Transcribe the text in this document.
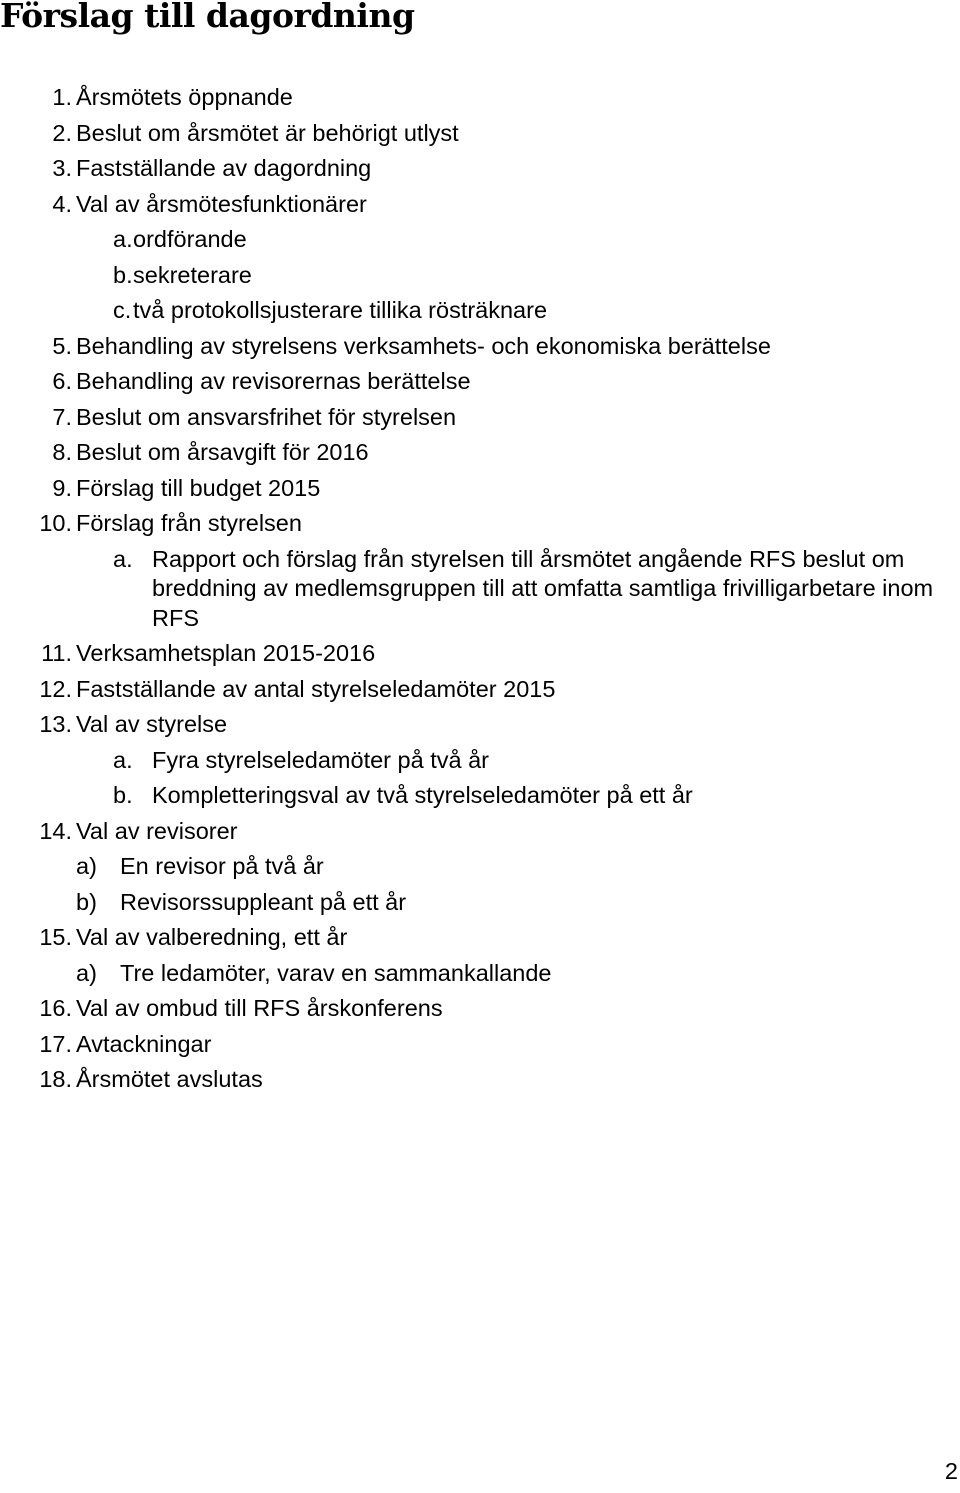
Förslag till dagordning
1. Årsmötets öppnande
2. Beslut om årsmötet är behörigt utlyst
3. Fastställande av dagordning
4. Val av årsmötesfunktionärer
a. ordförande
b. sekreterare
c. två protokollsjusterare tillika rösträknare
5. Behandling av styrelsens verksamhets- och ekonomiska berättelse
6. Behandling av revisorernas berättelse
7. Beslut om ansvarsfrihet för styrelsen
8. Beslut om årsavgift för 2016
9. Förslag till budget 2015
10. Förslag från styrelsen
a. Rapport och förslag från styrelsen till årsmötet angående RFS beslut om breddning av medlemsgruppen till att omfatta samtliga frivilligarbetare inom RFS
11. Verksamhetsplan 2015-2016
12. Fastställande av antal styrelseledamöter 2015
13. Val av styrelse
a. Fyra styrelseledamöter på två år
b. Kompletteringsval av två styrelseledamöter på ett år
14. Val av revisorer
a) En revisor på två år
b) Revisorssuppleant på ett år
15. Val av valberedning, ett år
a) Tre ledamöter, varav en sammankallande
16. Val av ombud till RFS årskonferens
17. Avtackningar
18. Årsmötet avslutas
2
